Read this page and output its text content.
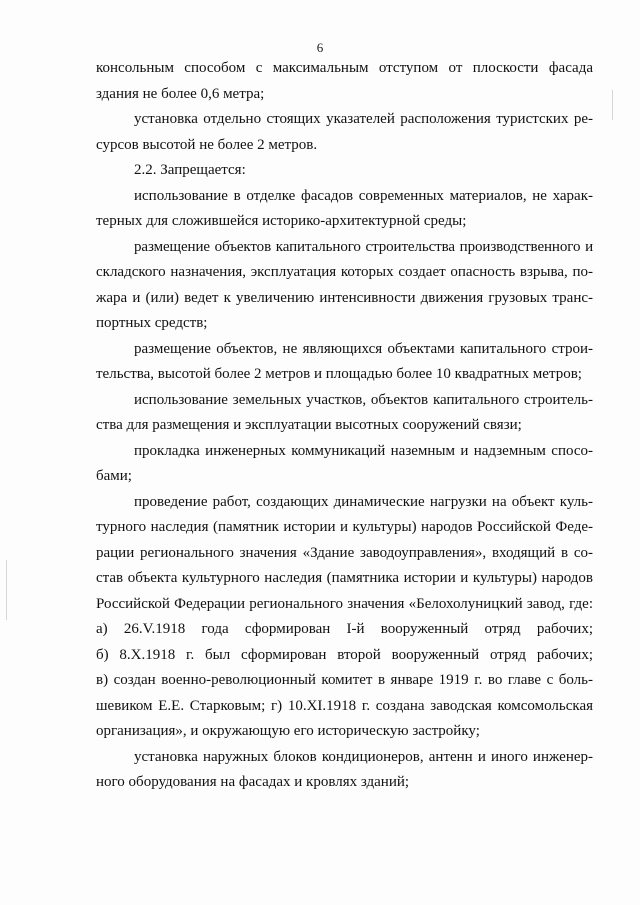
6
консольным способом с максимальным отступом от плоскости фасада
здания не более 0,6 метра;
установка отдельно стоящих указателей расположения туристских ре-
сурсов высотой не более 2 метров.
2.2. Запрещается:
использование в отделке фасадов современных материалов, не харак-
терных для сложившейся историко-архитектурной среды;
размещение объектов капитального строительства производственного и
складского назначения, эксплуатация которых создает опасность взрыва, по-
жара и (или) ведет к увеличению интенсивности движения грузовых транс-
портных средств;
размещение объектов, не являющихся объектами капитального строи-
тельства, высотой более 2 метров и площадью более 10 квадратных метров;
использование земельных участков, объектов капитального строитель-
ства для размещения и эксплуатации высотных сооружений связи;
прокладка инженерных коммуникаций наземным и надземным спосо-
бами;
проведение работ, создающих динамические нагрузки на объект куль-
турного наследия (памятник истории и культуры) народов Российской Феде-
рации регионального значения «Здание заводоуправления», входящий в со-
став объекта культурного наследия (памятника истории и культуры) народов
Российской Федерации регионального значения «Белохолуницкий завод, где:
а) 26.V.1918 года сформирован I-й вооруженный отряд рабочих;
б) 8.X.1918 г. был сформирован второй вооруженный отряд рабочих;
в) создан военно-революционный комитет в январе 1919 г. во главе с боль-
шевиком Е.Е. Старковым; г) 10.XI.1918 г. создана заводская комсомольская
организация», и окружающую его историческую застройку;
установка наружных блоков кондиционеров, антенн и иного инженер-
ного оборудования на фасадах и кровлях зданий;
